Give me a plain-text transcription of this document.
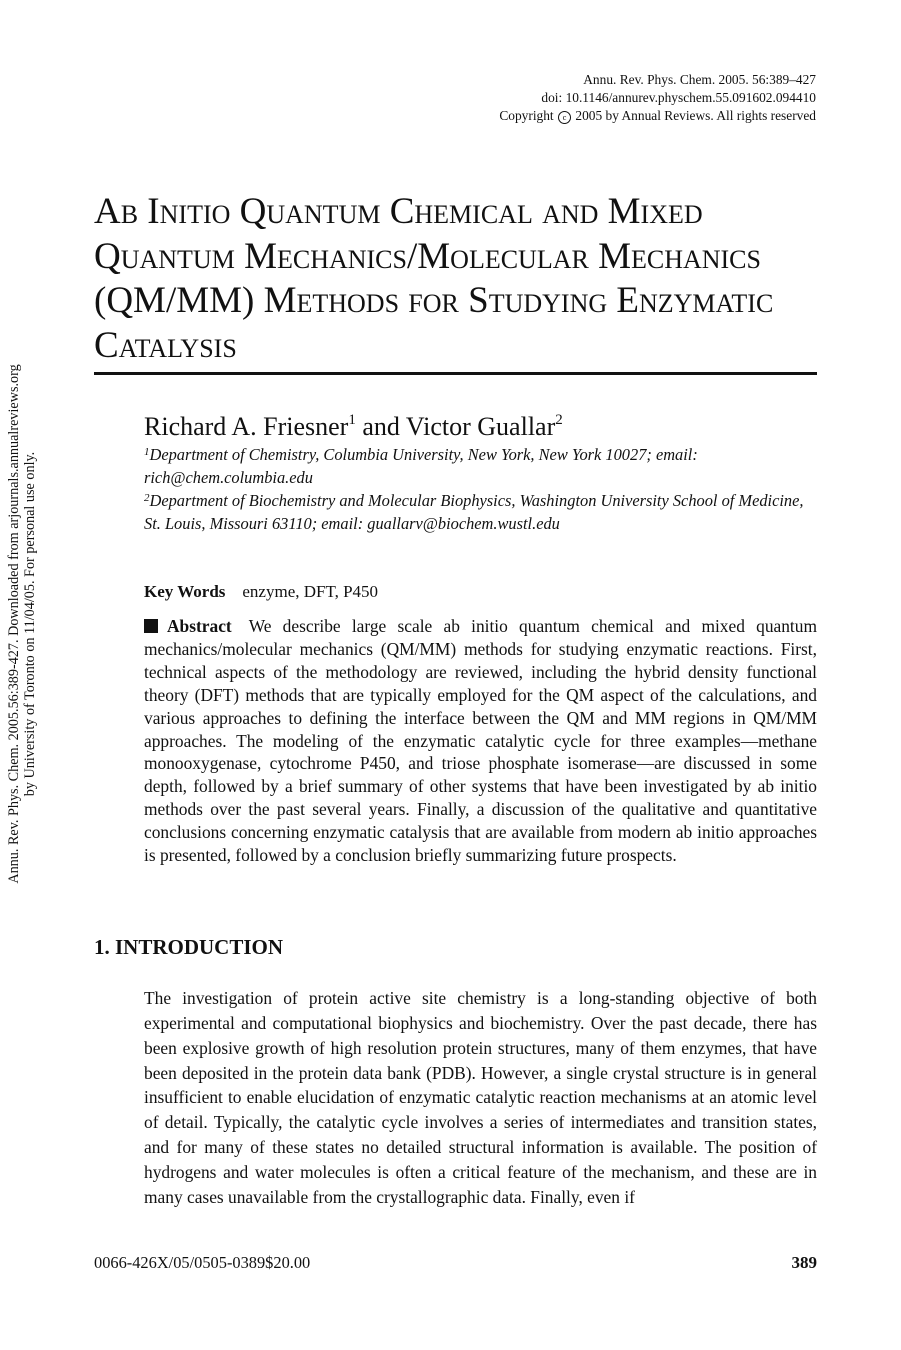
Annu. Rev. Phys. Chem. 2005.56:389-427. Downloaded from arjournals.annualreviews.org by University of Toronto on 11/04/05. For personal use only.
Annu. Rev. Phys. Chem. 2005. 56:389–427
doi: 10.1146/annurev.physchem.55.091602.094410
Copyright c 2005 by Annual Reviews. All rights reserved
Ab Initio Quantum Chemical and Mixed Quantum Mechanics/Molecular Mechanics (QM/MM) Methods for Studying Enzymatic Catalysis
Richard A. Friesner$^1$ and Victor Guallar$^2$
$^1$Department of Chemistry, Columbia University, New York, New York 10027; email: rich@chem.columbia.edu
$^2$Department of Biochemistry and Molecular Biophysics, Washington University School of Medicine, St. Louis, Missouri 63110; email: guallarv@biochem.wustl.edu
Key Words enzyme, DFT, P450

Abstract We describe large scale ab initio quantum chemical and mixed quantum mechanics/molecular mechanics (QM/MM) methods for studying enzymatic reactions. First, technical aspects of the methodology are reviewed, including the hybrid density functional theory (DFT) methods that are typically employed for the QM aspect of the calculations, and various approaches to defining the interface between the QM and MM regions in QM/MM approaches. The modeling of the enzymatic catalytic cycle for three examples—methane monooxygenase, cytochrome P450, and triose phosphate isomerase—are discussed in some depth, followed by a brief summary of other systems that have been investigated by ab initio methods over the past several years. Finally, a discussion of the qualitative and quantitative conclusions concerning enzymatic catalysis that are available from modern ab initio approaches is presented, followed by a conclusion briefly summarizing future prospects.

1. INTRODUCTION

The investigation of protein active site chemistry is a long-standing objective of both experimental and computational biophysics and biochemistry. Over the past decade, there has been explosive growth of high resolution protein structures, many of them enzymes, that have been deposited in the protein data bank (PDB). However, a single crystal structure is in general insufficient to enable elucidation of enzymatic catalytic reaction mechanisms at an atomic level of detail. Typically, the catalytic cycle involves a series of intermediates and transition states, and for many of these states no detailed structural information is available. The position of hydrogens and water molecules is often a critical feature of the mechanism, and these are in many cases unavailable from the crystallographic data. Finally, even if

0066-426X/05/0505-0389$20.00	389
